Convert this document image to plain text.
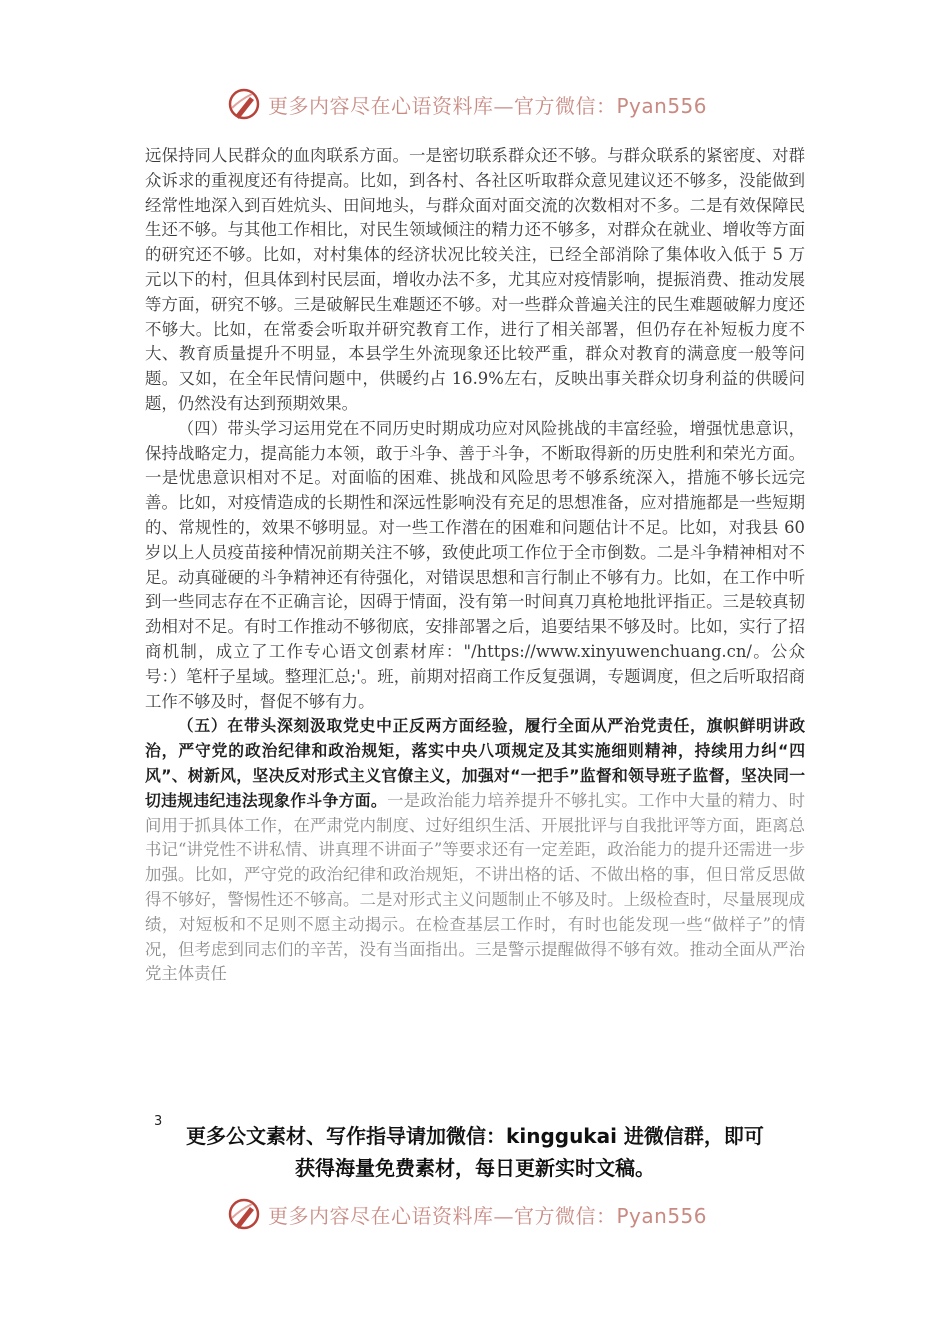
更多内容尽在心语资料库—官方微信：Pyan556

远保持同人民群众的血肉联系方面。一是密切联系群众还不够。与群众联系的紧密度、对群众诉求的重视度还有待提高。比如，到各村、各社区听取群众意见建议还不够多，没能做到经常性地深入到百姓炕头、田间地头，与群众面对面交流的次数相对不多。二是有效保障民生还不够。与其他工作相比，对民生领域倾注的精力还不够多，对群众在就业、增收等方面的研究还不够。比如，对村集体的经济状况比较关注，已经全部消除了集体收入低于 5 万元以下的村，但具体到村民层面，增收办法不多，尤其应对疫情影响，提振消费、推动发展等方面，研究不够。三是破解民生难题还不够。对一些群众普遍关注的民生难题破解力度还不够大。比如，在常委会听取并研究教育工作，进行了相关部署，但仍存在补短板力度不大、教育质量提升不明显，本县学生外流现象还比较严重，群众对教育的满意度一般等问题。又如，在全年民情问题中，供暖约占 16.9%左右，反映出事关群众切身利益的供暖问题，仍然没有达到预期效果。

（四）带头学习运用党在不同历史时期成功应对风险挑战的丰富经验，增强忧患意识，保持战略定力，提高能力本领，敢于斗争、善于斗争，不断取得新的历史胜利和荣光方面。一是忧患意识相对不足。对面临的困难、挑战和风险思考不够系统深入，措施不够长远完善。比如，对疫情造成的长期性和深远性影响没有充足的思想准备，应对措施都是一些短期的、常规性的，效果不够明显。对一些工作潜在的困难和问题估计不足。比如，对我县 60 岁以上人员疫苗接种情况前期关注不够，致使此项工作位于全市倒数。二是斗争精神相对不足。动真碰硬的斗争精神还有待强化，对错误思想和言行制止不够有力。比如，在工作中听到一些同志存在不正确言论，因碍于情面，没有第一时间真刀真枪地批评指正。三是较真韧劲相对不足。有时工作推动不够彻底，安排部署之后，追要结果不够及时。比如，实行了招商机制，成立了工作专心语文创素材库："/https://www.xinyuwenchuang.cn/。公众号：）笔杆子星域。整理汇总;'。班，前期对招商工作反复强调，专题调度，但之后听取招商工作不够及时，督促不够有力。

（五）在带头深刻汲取党史中正反两方面经验，履行全面从严治党责任，旗帜鲜明讲政治，严守党的政治纪律和政治规矩，落实中央八项规定及其实施细则精神，持续用力纠“四风”、树新风，坚决反对形式主义官僚主义，加强对“一把手”监督和领导班子监督，坚决同一切违规违纪违法现象作斗争方面。一是政治能力培养提升不够扎实。工作中大量的精力、时间用于抓具体工作，在严肃党内制度、过好组织生活、开展批评与自我批评等方面，距离总书记“讲党性不讲私情、讲真理不讲面子”等要求还有一定差距，政治能力的提升还需进一步加强。比如，严守党的政治纪律和政治规矩，不讲出格的话、不做出格的事，但日常反思做得不够好，警惕性还不够高。二是对形式主义问题制止不够及时。上级检查时，尽量展现成绩，对短板和不足则不愿主动揭示。在检查基层工作时，有时也能发现一些“做样子”的情况，但考虑到同志们的辛苦，没有当面指出。三是警示提醒做得不够有效。推动全面从严治党主体责任

3
更多公文素材、写作指导请加微信：kinggukai 进微信群，即可
获得海量免费素材，每日更新实时文稿。
更多内容尽在心语资料库—官方微信：Pyan556
